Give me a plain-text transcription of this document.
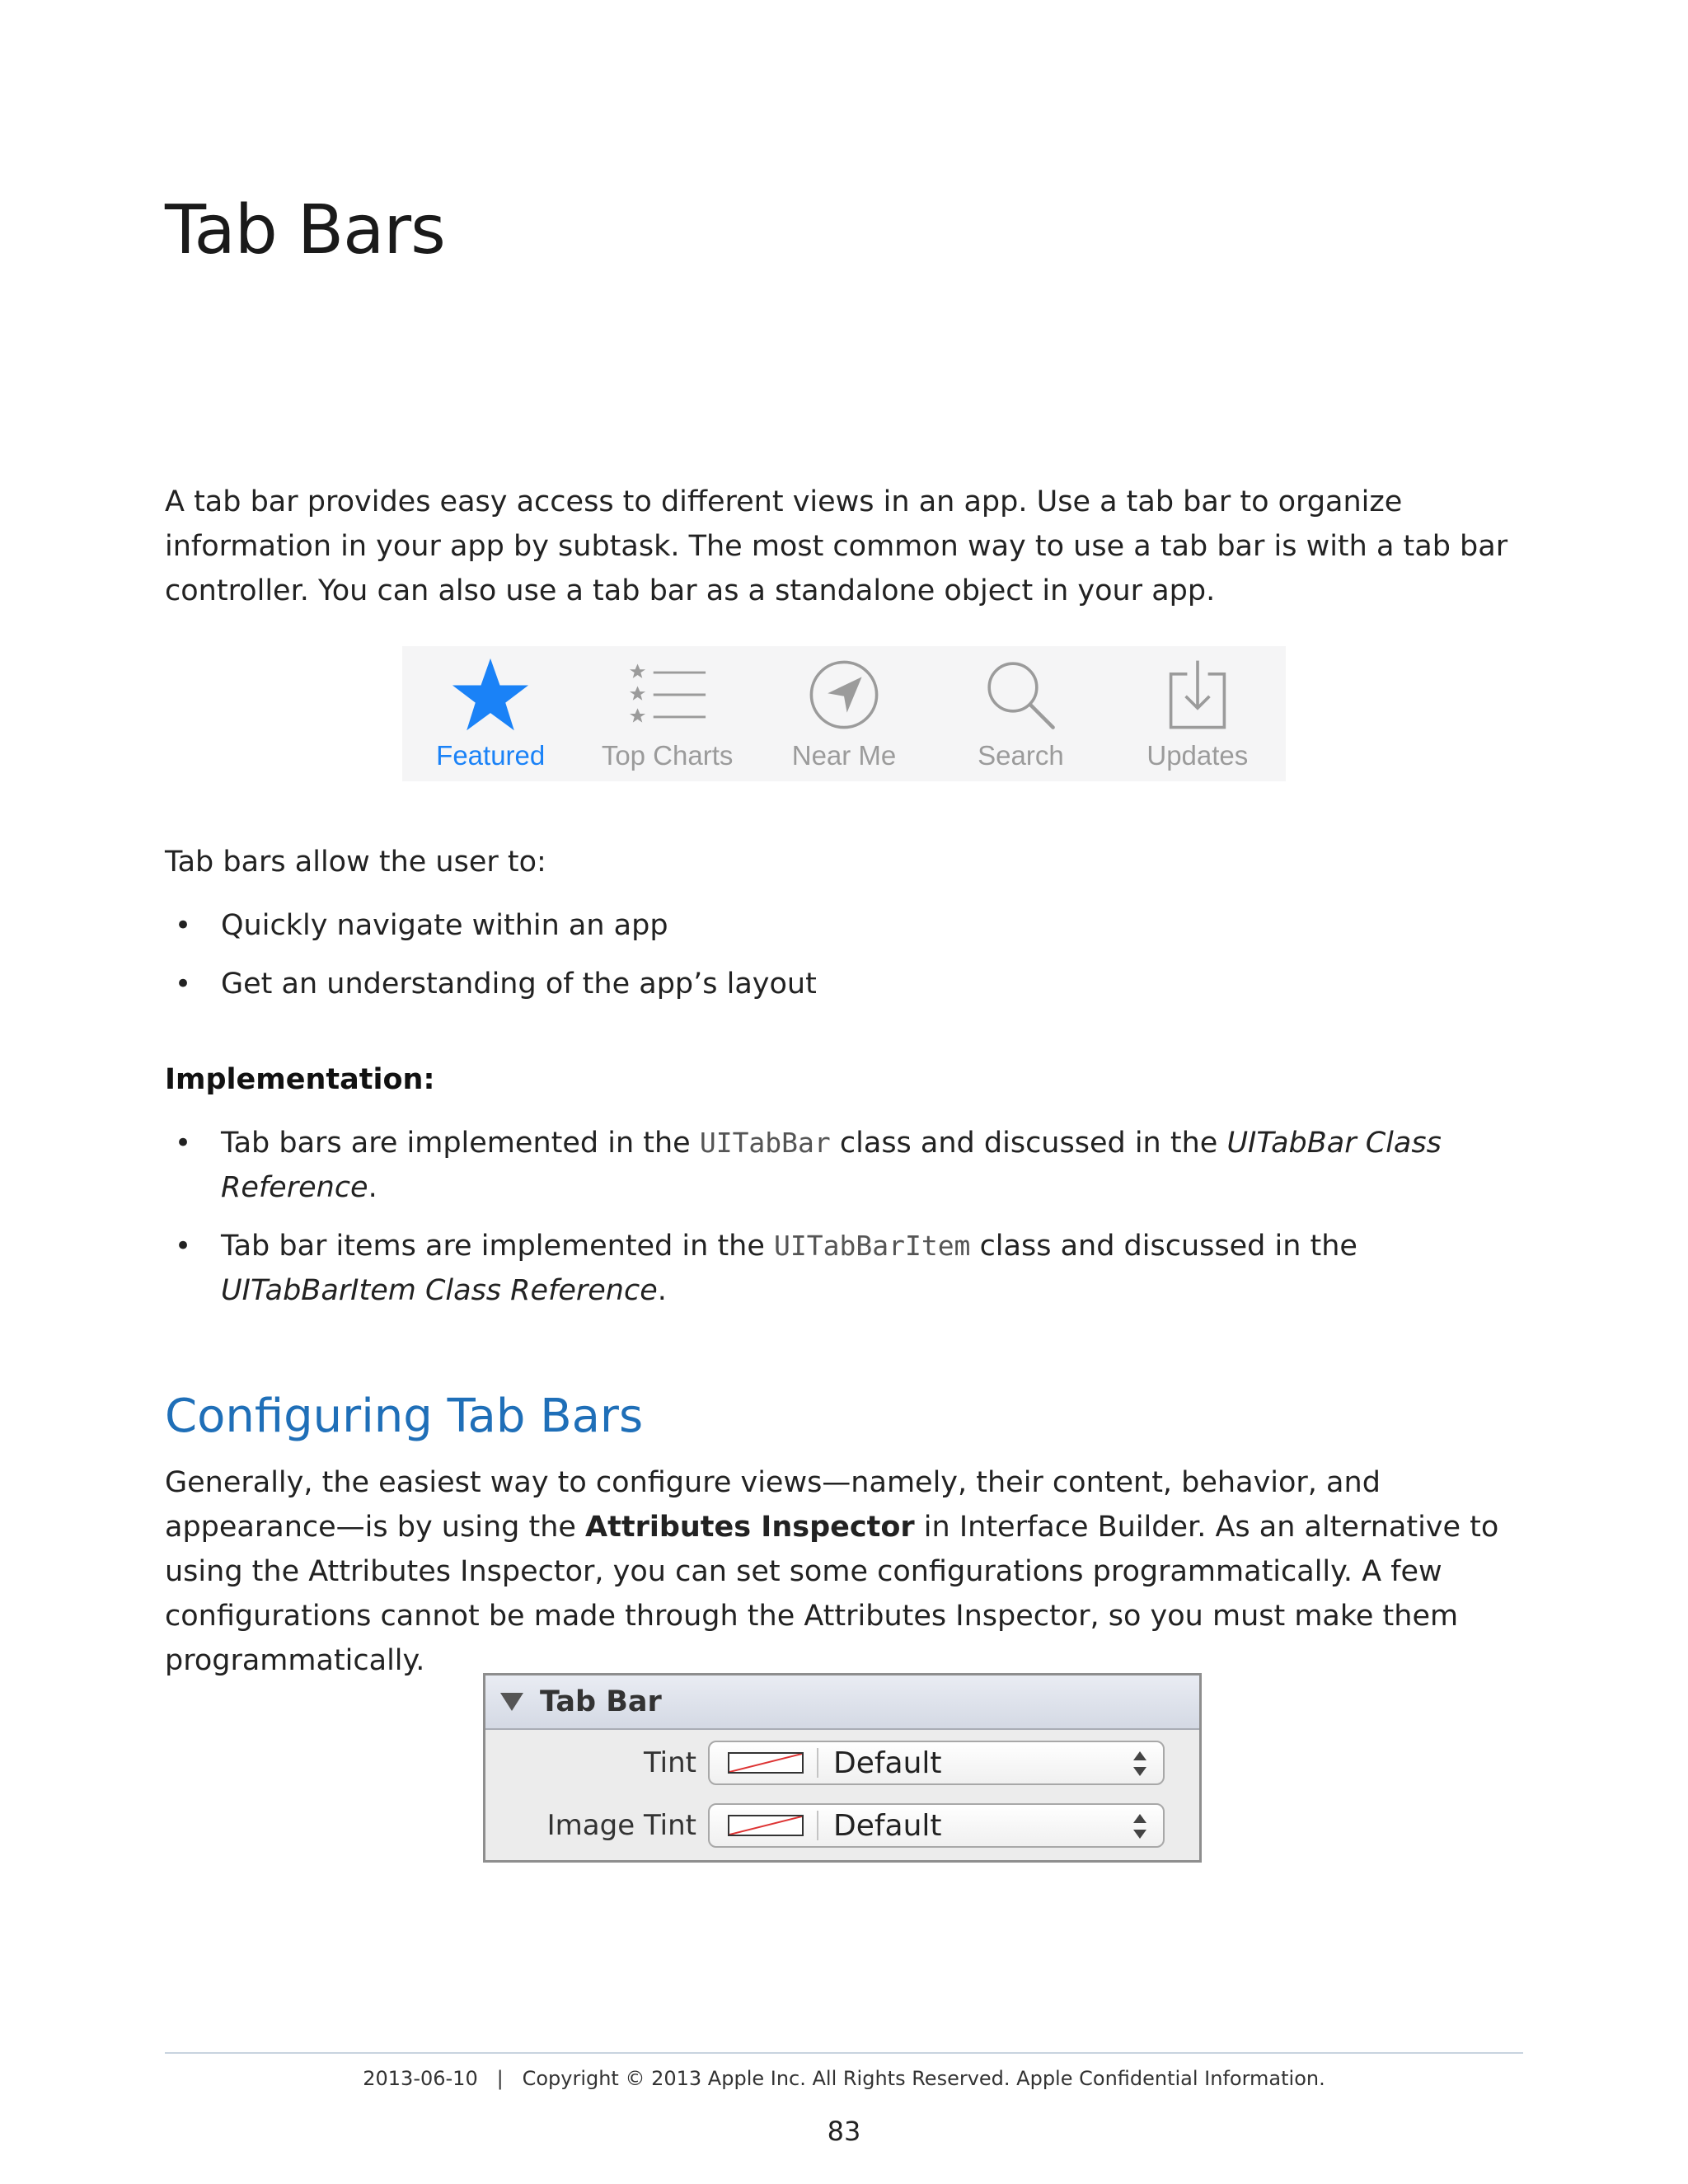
Tab Bars

A tab bar provides easy access to different views in an app. Use a tab bar to organize information in your app by subtask. The most common way to use a tab bar is with a tab bar controller. You can also use a tab bar as a standalone object in your app.

Featured Top Charts Near Me	Search	Updates

Tab bars allow the user to:

• Quickly navigate within an app
• Get an understanding of the app’s layout

Implementation:

• Tab bars are implemented in the UITabBar class and discussed in the UITabBar Class Reference.
• Tab bar items are implemented in the UITabBarItem class and discussed in the UITabBarItem Class Reference.
Configuring Tab Bars

Generally, the easiest way to configure views—namely, their content, behavior, and appearance—is by using the Attributes Inspector in Interface Builder. As an alternative to using the Attributes Inspector, you can set some configurations programmatically. A few configurations cannot be made through the Attributes Inspector, so you must make them programmatically.

Tab Bar
Tint	Default
Image Tint	Default

2013-06-10   |   Copyright © 2013 Apple Inc. All Rights Reserved. Apple Confidential Information.

83
